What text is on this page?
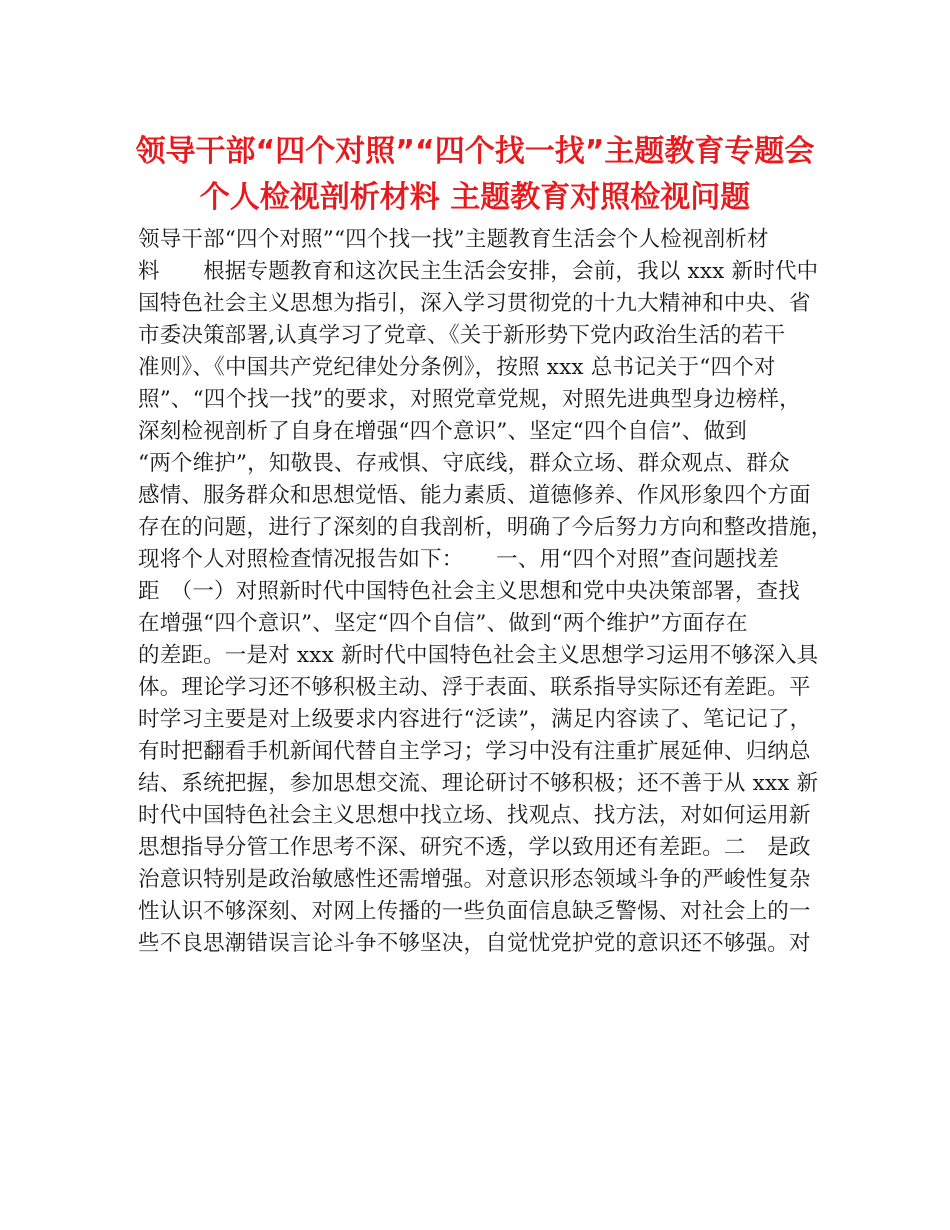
领导干部“四个对照”“四个找一找”主题教育专题会
个人检视剖析材料 主题教育对照检视问题
领导干部“四个对照”“四个找一找”主题教育生活会个人检视剖析材
料　　根据专题教育和这次民主生活会安排，会前，我以 xxx 新时代中
国特色社会主义思想为指引，深入学习贯彻党的十九大精神和中央、省
市委决策部署,认真学习了党章、《关于新形势下党内政治生活的若干
准则》、《中国共产党纪律处分条例》，按照 xxx 总书记关于“四个对
照”、“四个找一找”的要求，对照党章党规，对照先进典型身边榜样，
深刻检视剖析了自身在增强“四个意识”、坚定“四个自信”、做到
“两个维护”，知敬畏、存戒惧、守底线，群众立场、群众观点、群众
感情、服务群众和思想觉悟、能力素质、道德修养、作风形象四个方面
存在的问题，进行了深刻的自我剖析，明确了今后努力方向和整改措施，
现将个人对照检查情况报告如下：　　一、用“四个对照”查问题找差
距　（一）对照新时代中国特色社会主义思想和党中央决策部署，查找
在增强“四个意识”、坚定“四个自信”、做到“两个维护”方面存在
的差距。一是对 xxx 新时代中国特色社会主义思想学习运用不够深入具
体。理论学习还不够积极主动、浮于表面、联系指导实际还有差距。平
时学习主要是对上级要求内容进行“泛读”，满足内容读了、笔记记了，
有时把翻看手机新闻代替自主学习；学习中没有注重扩展延伸、归纳总
结、系统把握，参加思想交流、理论研讨不够积极；还不善于从 xxx 新
时代中国特色社会主义思想中找立场、找观点、找方法，对如何运用新
思想指导分管工作思考不深、研究不透，学以致用还有差距。二　是政
治意识特别是政治敏感性还需增强。对意识形态领域斗争的严峻性复杂
性认识不够深刻、对网上传播的一些负面信息缺乏警惕、对社会上的一
些不良思潮错误言论斗争不够坚决，自觉忧党护党的意识还不够强。对
